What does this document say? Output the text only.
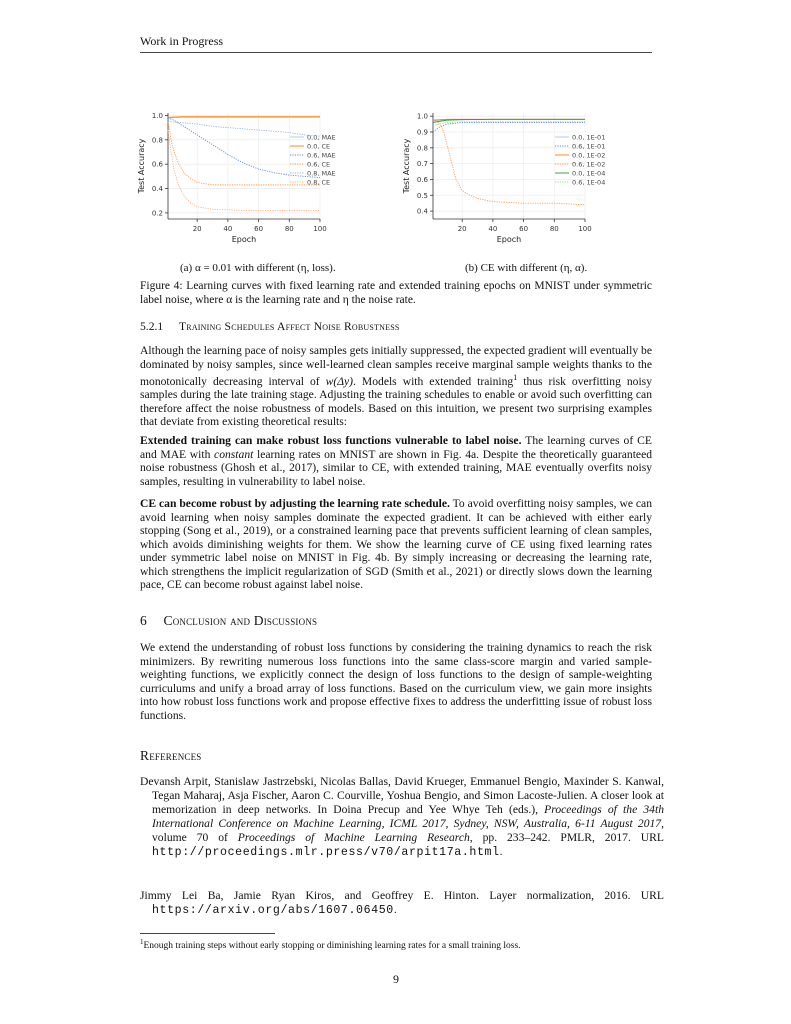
Work in Progress
20	40	60	80	100
0.2
0.4
0.6
0.8
1.0
Epoch
Test Accuracy
0.0, MAE
0.0, CE
0.6, MAE
0.6, CE
0.8, MAE
0.8, CE
20	40	60	80	100
0.4
0.5
0.6
0.7
0.8
0.9
1.0
Epoch
Test Accuracy
0.0, 1E-01
0.6, 1E-01
0.0, 1E-02
0.6, 1E-02
0.0, 1E-04
0.6, 1E-04
(a) α = 0.01 with different (η, loss).	(b) CE with different (η, α).
Figure 4: Learning curves with fixed learning rate and extended training epochs on MNIST under symmetric label noise, where α is the learning rate and η the noise rate.
5.2.1 Training Schedules Affect Noise Robustness

Although the learning pace of noisy samples gets initially suppressed, the expected gradient will eventually be dominated by noisy samples, since well-learned clean samples receive marginal sample weights thanks to the monotonically decreasing interval of w(Δy). Models with extended training$^1$ thus risk overfitting noisy samples during the late training stage. Adjusting the training schedules to enable or avoid such overfitting can therefore affect the noise robustness of models. Based on this intuition, we present two surprising examples that deviate from existing theoretical results:

Extended training can make robust loss functions vulnerable to label noise. The learning curves of CE and MAE with constant learning rates on MNIST are shown in Fig. 4a. Despite the theoretically guaranteed noise robustness (Ghosh et al., 2017), similar to CE, with extended training, MAE eventually overfits noisy samples, resulting in vulnerability to label noise.

CE can become robust by adjusting the learning rate schedule. To avoid overfitting noisy samples, we can avoid learning when noisy samples dominate the expected gradient. It can be achieved with either early stopping (Song et al., 2019), or a constrained learning pace that prevents sufficient learning of clean samples, which avoids diminishing weights for them. We show the learning curve of CE using fixed learning rates under symmetric label noise on MNIST in Fig. 4b. By simply increasing or decreasing the learning rate, which strengthens the implicit regularization of SGD (Smith et al., 2021) or directly slows down the learning pace, CE can become robust against label noise.

6 Conclusion and Discussions

We extend the understanding of robust loss functions by considering the training dynamics to reach the risk minimizers. By rewriting numerous loss functions into the same class-score margin and varied sample-weighting functions, we explicitly connect the design of loss functions to the design of sample-weighting curriculums and unify a broad array of loss functions. Based on the curriculum view, we gain more insights into how robust loss functions work and propose effective fixes to address the underfitting issue of robust loss functions.

References
Devansh Arpit, Stanislaw Jastrzebski, Nicolas Ballas, David Krueger, Emmanuel Bengio, Maxinder S. Kanwal, Tegan Maharaj, Asja Fischer, Aaron C. Courville, Yoshua Bengio, and Simon Lacoste-Julien. A closer look at memorization in deep networks. In Doina Precup and Yee Whye Teh (eds.), Proceedings of the 34th International Conference on Machine Learning, ICML 2017, Sydney, NSW, Australia, 6-11 August 2017, volume 70 of Proceedings of Machine Learning Research, pp. 233–242. PMLR, 2017. URL http://proceedings.mlr.press/v70/arpit17a.html.
Jimmy Lei Ba, Jamie Ryan Kiros, and Geoffrey E. Hinton. Layer normalization, 2016. URL https://arxiv.org/abs/1607.06450.
$^1$Enough training steps without early stopping or diminishing learning rates for a small training loss.
9
